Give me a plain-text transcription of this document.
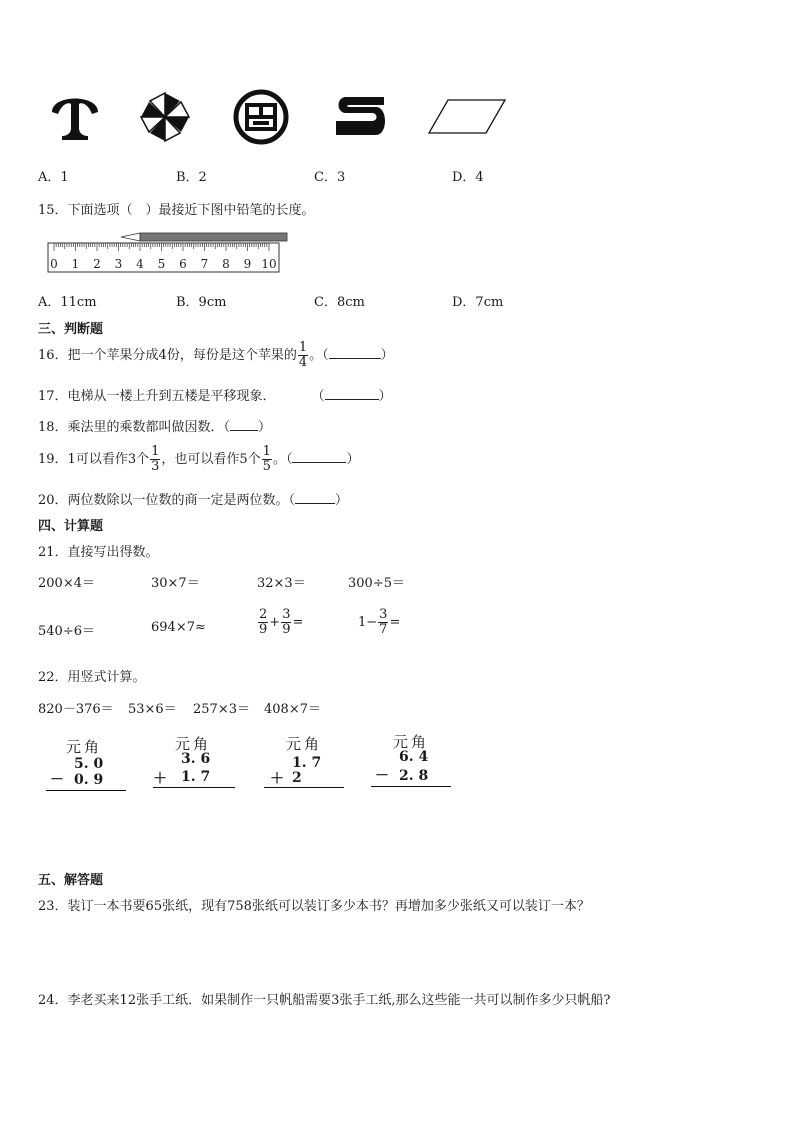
A．1	B．2	C．3	D．4
15．下面选项（　）最接近下图中铅笔的长度。
0 1 2 3 4 5 6 7 8 9 10
A．11cm	B．9cm	C．8cm	D．7cm
三、判断题
16．把一个苹果分成4份，每份是这个苹果的 $\frac{1}{4}$ 。（	）
17．电梯从一楼上升到五楼是平移现象．	（	）
18．乘法里的乘数都叫做因数．（ ）
19．1可以看作3个 $\frac{1}{3}$ ，也可以看作5个 $\frac{1}{5}$ 。（	）
20．两位数除以一位数的商一定是两位数。（	）
四、计算题
21．直接写出得数。
200×4＝	30×7＝	32×3＝	300÷5＝
540÷6＝	694×7≈	$\frac{2}{9} + \frac{3}{9}$ =	$1- \frac{3}{7}$ =
22．用竖式计算。
820－376＝ 53×6＝ 257×3＝ 408×7＝
元角
5. 0
－ 0. 9
元角
3. 6
＋ 1. 7
元角
1. 7
＋ 2
元角
6. 4
－ 2. 8
五、解答题
23．装订一本书要65张纸，现有758张纸可以装订多少本书？再增加多少张纸又可以装订一本？
24．李老买来12张手工纸．如果制作一只帆船需要3张手工纸,那么这些能一共可以制作多少只帆船?
